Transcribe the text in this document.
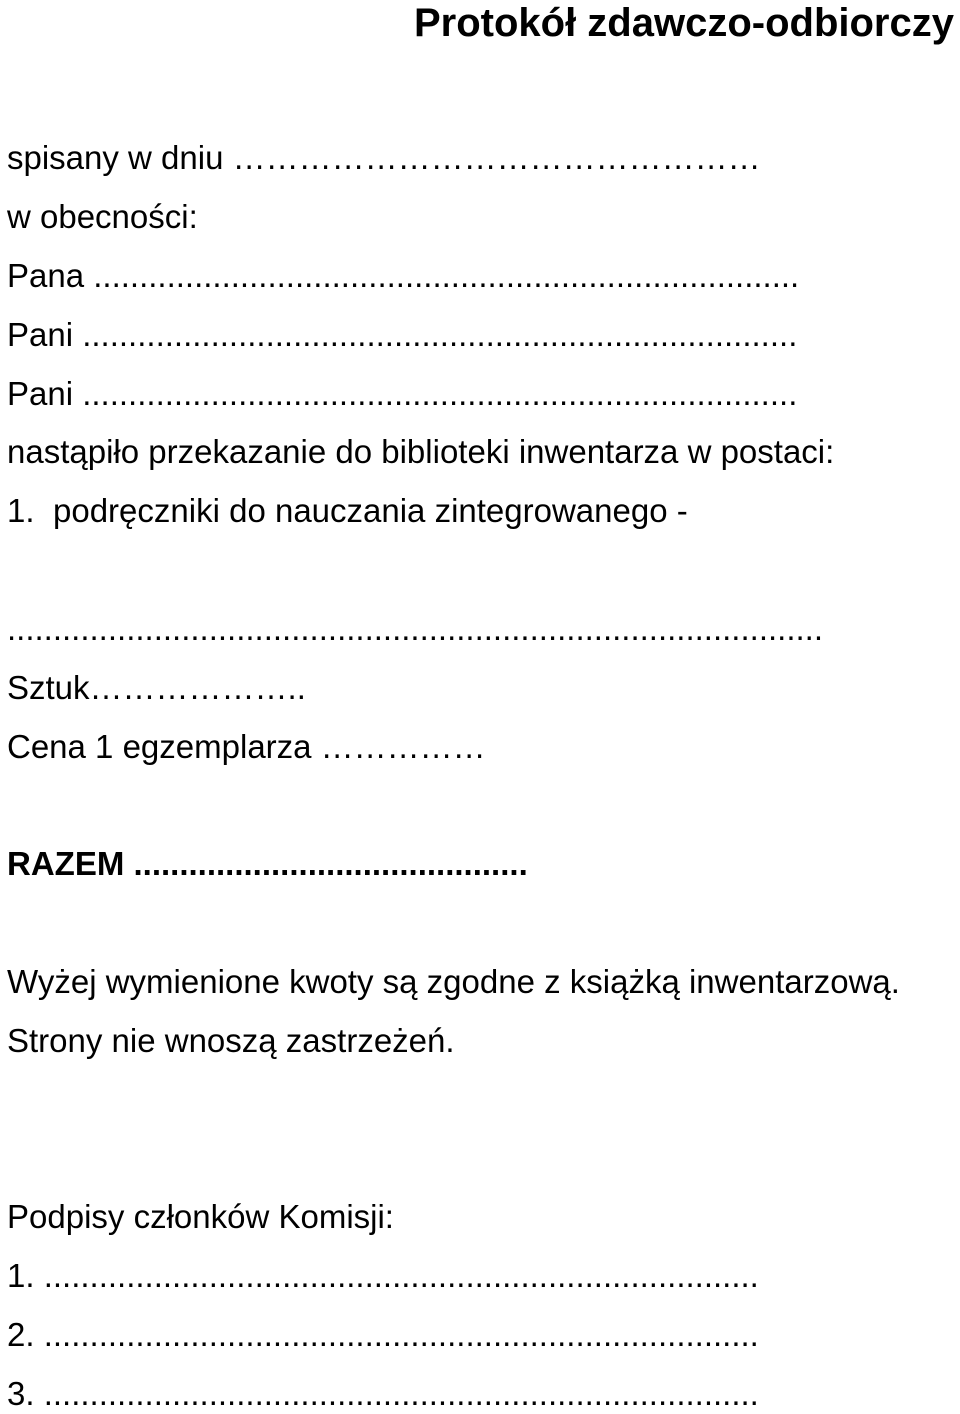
Protokół zdawczo-odbiorczy

spisany w dniu …………………………………………

w obecności:

Pana .............................................................................

Pani ..............................................................................

Pani ..............................................................................

nastąpiło przekazanie do biblioteki inwentarza w postaci:

1. podręczniki do nauczania zintegrowanego -

.........................................................................................

Sztuk………………..

Cena 1 egzemplarza ……………

RAZEM ...........................................

Wyżej wymienione kwoty są zgodne z książką inwentarzową.

Strony nie wnoszą zastrzeżeń.

Podpisy członków Komisji:

1. ..............................................................................

2. ..............................................................................

3. ..............................................................................
